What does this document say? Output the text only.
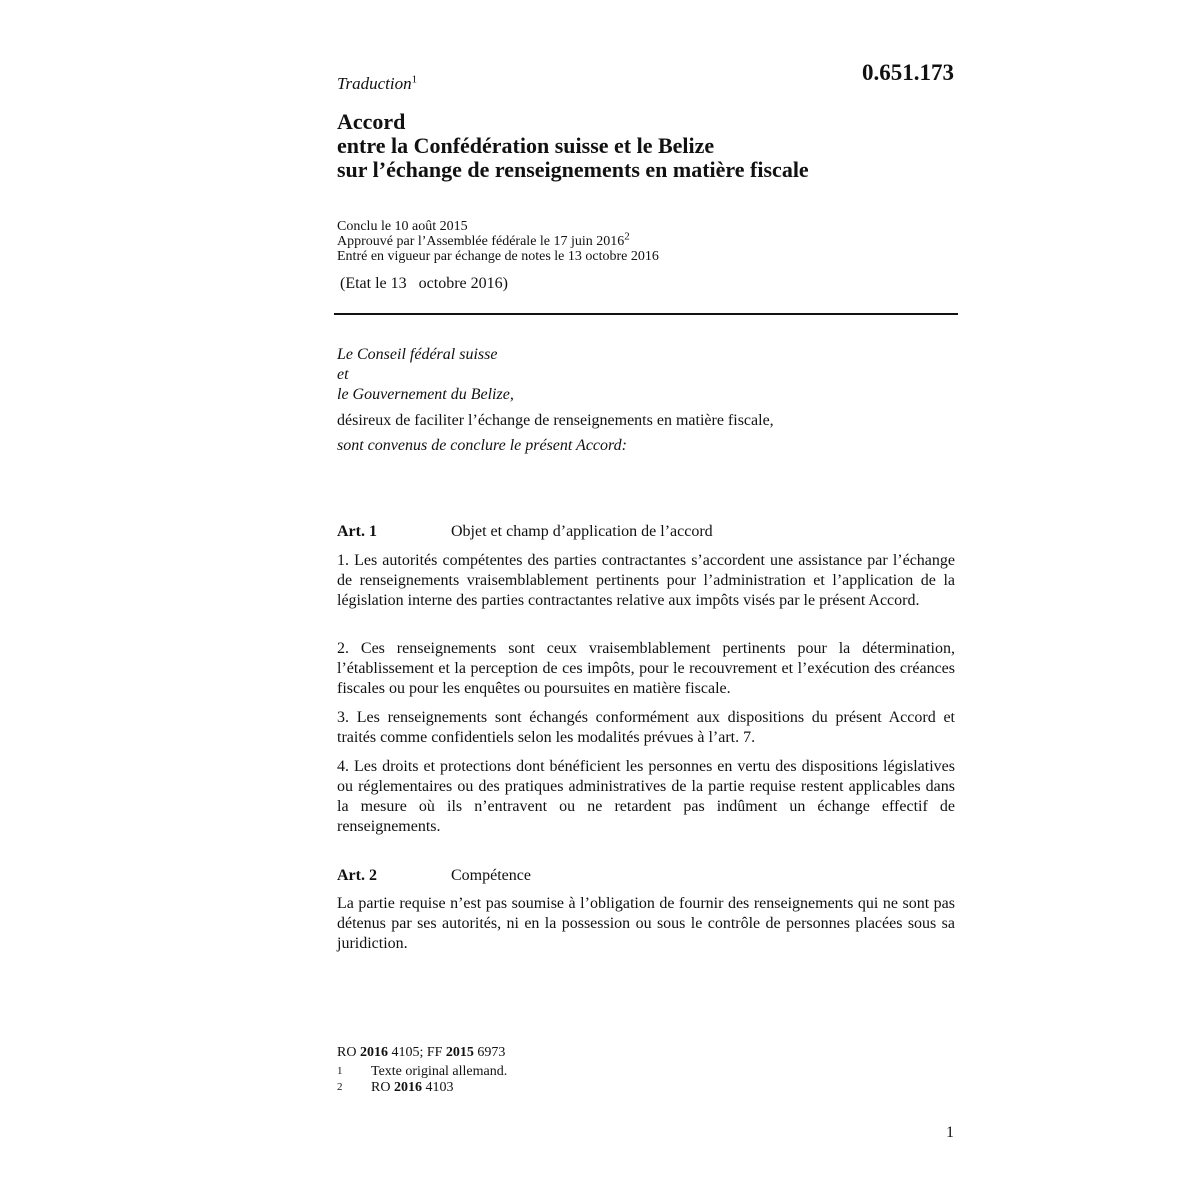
Traduction$^1$	0.651.173
Accord
entre la Confédération suisse et le Belize
sur l’échange de renseignements en matière fiscale
Conclu le 10 août 2015
Approuvé par l’Assemblée fédérale le 17 juin 2016$^2$
Entré en vigueur par échange de notes le 13 octobre 2016
(Etat le 13   octobre 2016)
Le Conseil fédéral suisse
et
le Gouvernement du Belize,
désireux de faciliter l’échange de renseignements en matière fiscale,
sont convenus de conclure le présent Accord:
Art. 1	Objet et champ d’application de l’accord
1. Les autorités compétentes des parties contractantes s’accordent une assistance par l’échange de renseignements vraisemblablement pertinents pour l’administration et l’application de la législation interne des parties contractantes relative aux impôts visés par le présent Accord.
2. Ces renseignements sont ceux vraisemblablement pertinents pour la détermination, l’établissement et la perception de ces impôts, pour le recouvrement et l’exécution des créances fiscales ou pour les enquêtes ou poursuites en matière fiscale.
3. Les renseignements sont échangés conformément aux dispositions du présent Accord et traités comme confidentiels selon les modalités prévues à l’art. 7.
4. Les droits et protections dont bénéficient les personnes en vertu des dispositions législatives ou réglementaires ou des pratiques administratives de la partie requise restent applicables dans la mesure où ils n’entravent ou ne retardent pas indûment un échange effectif de renseignements.
Art. 2	Compétence
La partie requise n’est pas soumise à l’obligation de fournir des renseignements qui ne sont pas détenus par ses autorités, ni en la possession ou sous le contrôle de personnes placées sous sa juridiction.
RO 2016 4105; FF 2015 6973
1 Texte original allemand.
2 RO 2016 4103
1
